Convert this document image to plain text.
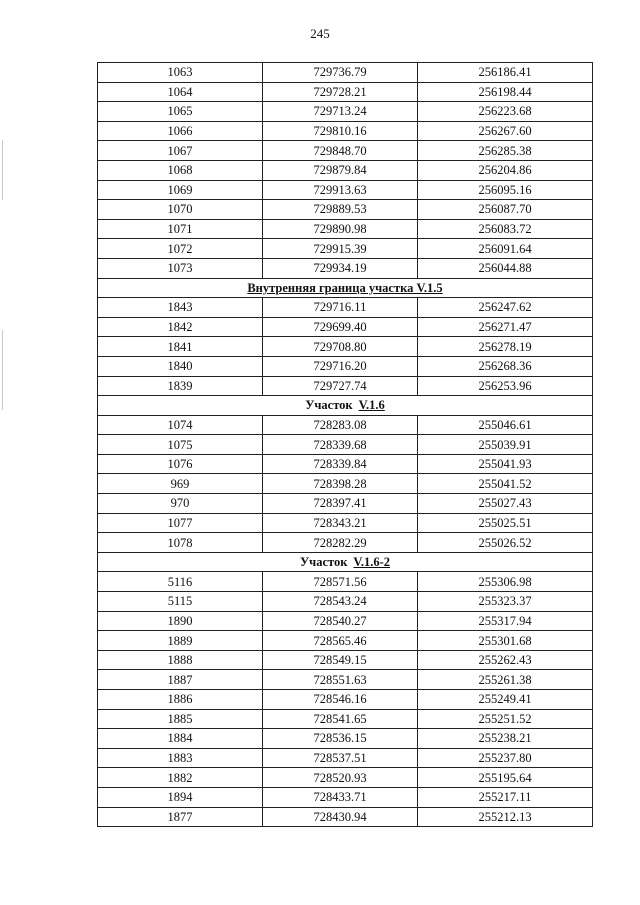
245
1063	729736.79	256186.41
1064	729728.21	256198.44
1065	729713.24	256223.68
1066	729810.16	256267.60
1067	729848.70	256285.38
1068	729879.84	256204.86
1069	729913.63	256095.16
1070	729889.53	256087.70
1071	729890.98	256083.72
1072	729915.39	256091.64
1073	729934.19	256044.88
Внутренняя граница участка V.1.5		
1843	729716.11	256247.62
1842	729699.40	256271.47
1841	729708.80	256278.19
1840	729716.20	256268.36
1839	729727.74	256253.96
Участок V.1.6		
1074	728283.08	255046.61
1075	728339.68	255039.91
1076	728339.84	255041.93
969	728398.28	255041.52
970	728397.41	255027.43
1077	728343.21	255025.51
1078	728282.29	255026.52
Участок V.1.6-2		
5116	728571.56	255306.98
5115	728543.24	255323.37
1890	728540.27	255317.94
1889	728565.46	255301.68
1888	728549.15	255262.43
1887	728551.63	255261.38
1886	728546.16	255249.41
1885	728541.65	255251.52
1884	728536.15	255238.21
1883	728537.51	255237.80
1882	728520.93	255195.64
1894	728433.71	255217.11
1877	728430.94	255212.13
